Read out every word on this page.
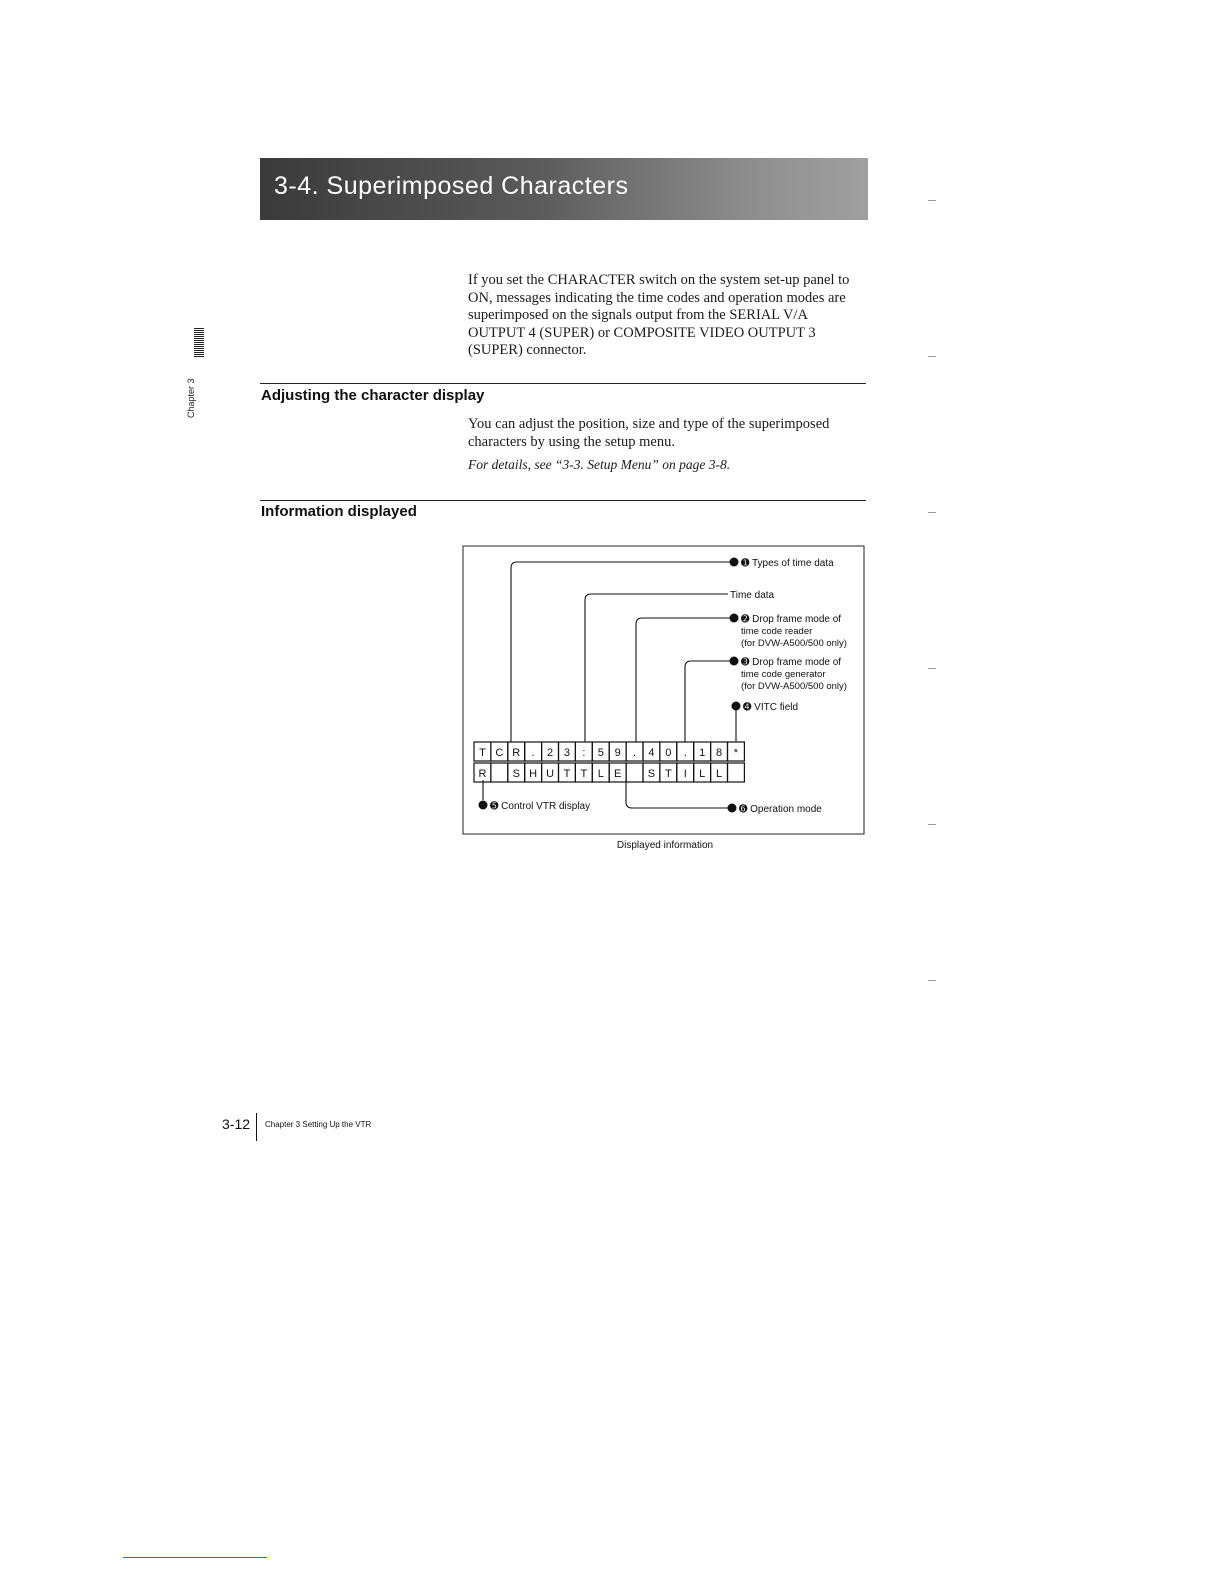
3-4. Superimposed Characters
Chapter 3
If you set the CHARACTER switch on the system set-up panel to
ON, messages indicating the time codes and operation modes are
superimposed on the signals output from the SERIAL V/A
OUTPUT 4 (SUPER) or COMPOSITE VIDEO OUTPUT 3
(SUPER) connector.
Adjusting the character display
You can adjust the position, size and type of the superimposed
characters by using the setup menu.
For details, see “3-3. Setup Menu” on page 3-8.
Information displayed
T C R . 2 3 : 5 9 . 4 0 . 1 8 *
R S H U T T L E S T I L L
➊ Types of time data
Time data
➋ Drop frame mode of
time code reader
(for DVW-A500/500 only)
➌ Drop frame mode of
time code generator
(for DVW-A500/500 only)
➍ VITC field
➎ Control VTR display	➏ Operation mode
Displayed information
3-12 Chapter 3 Setting Up the VTR
